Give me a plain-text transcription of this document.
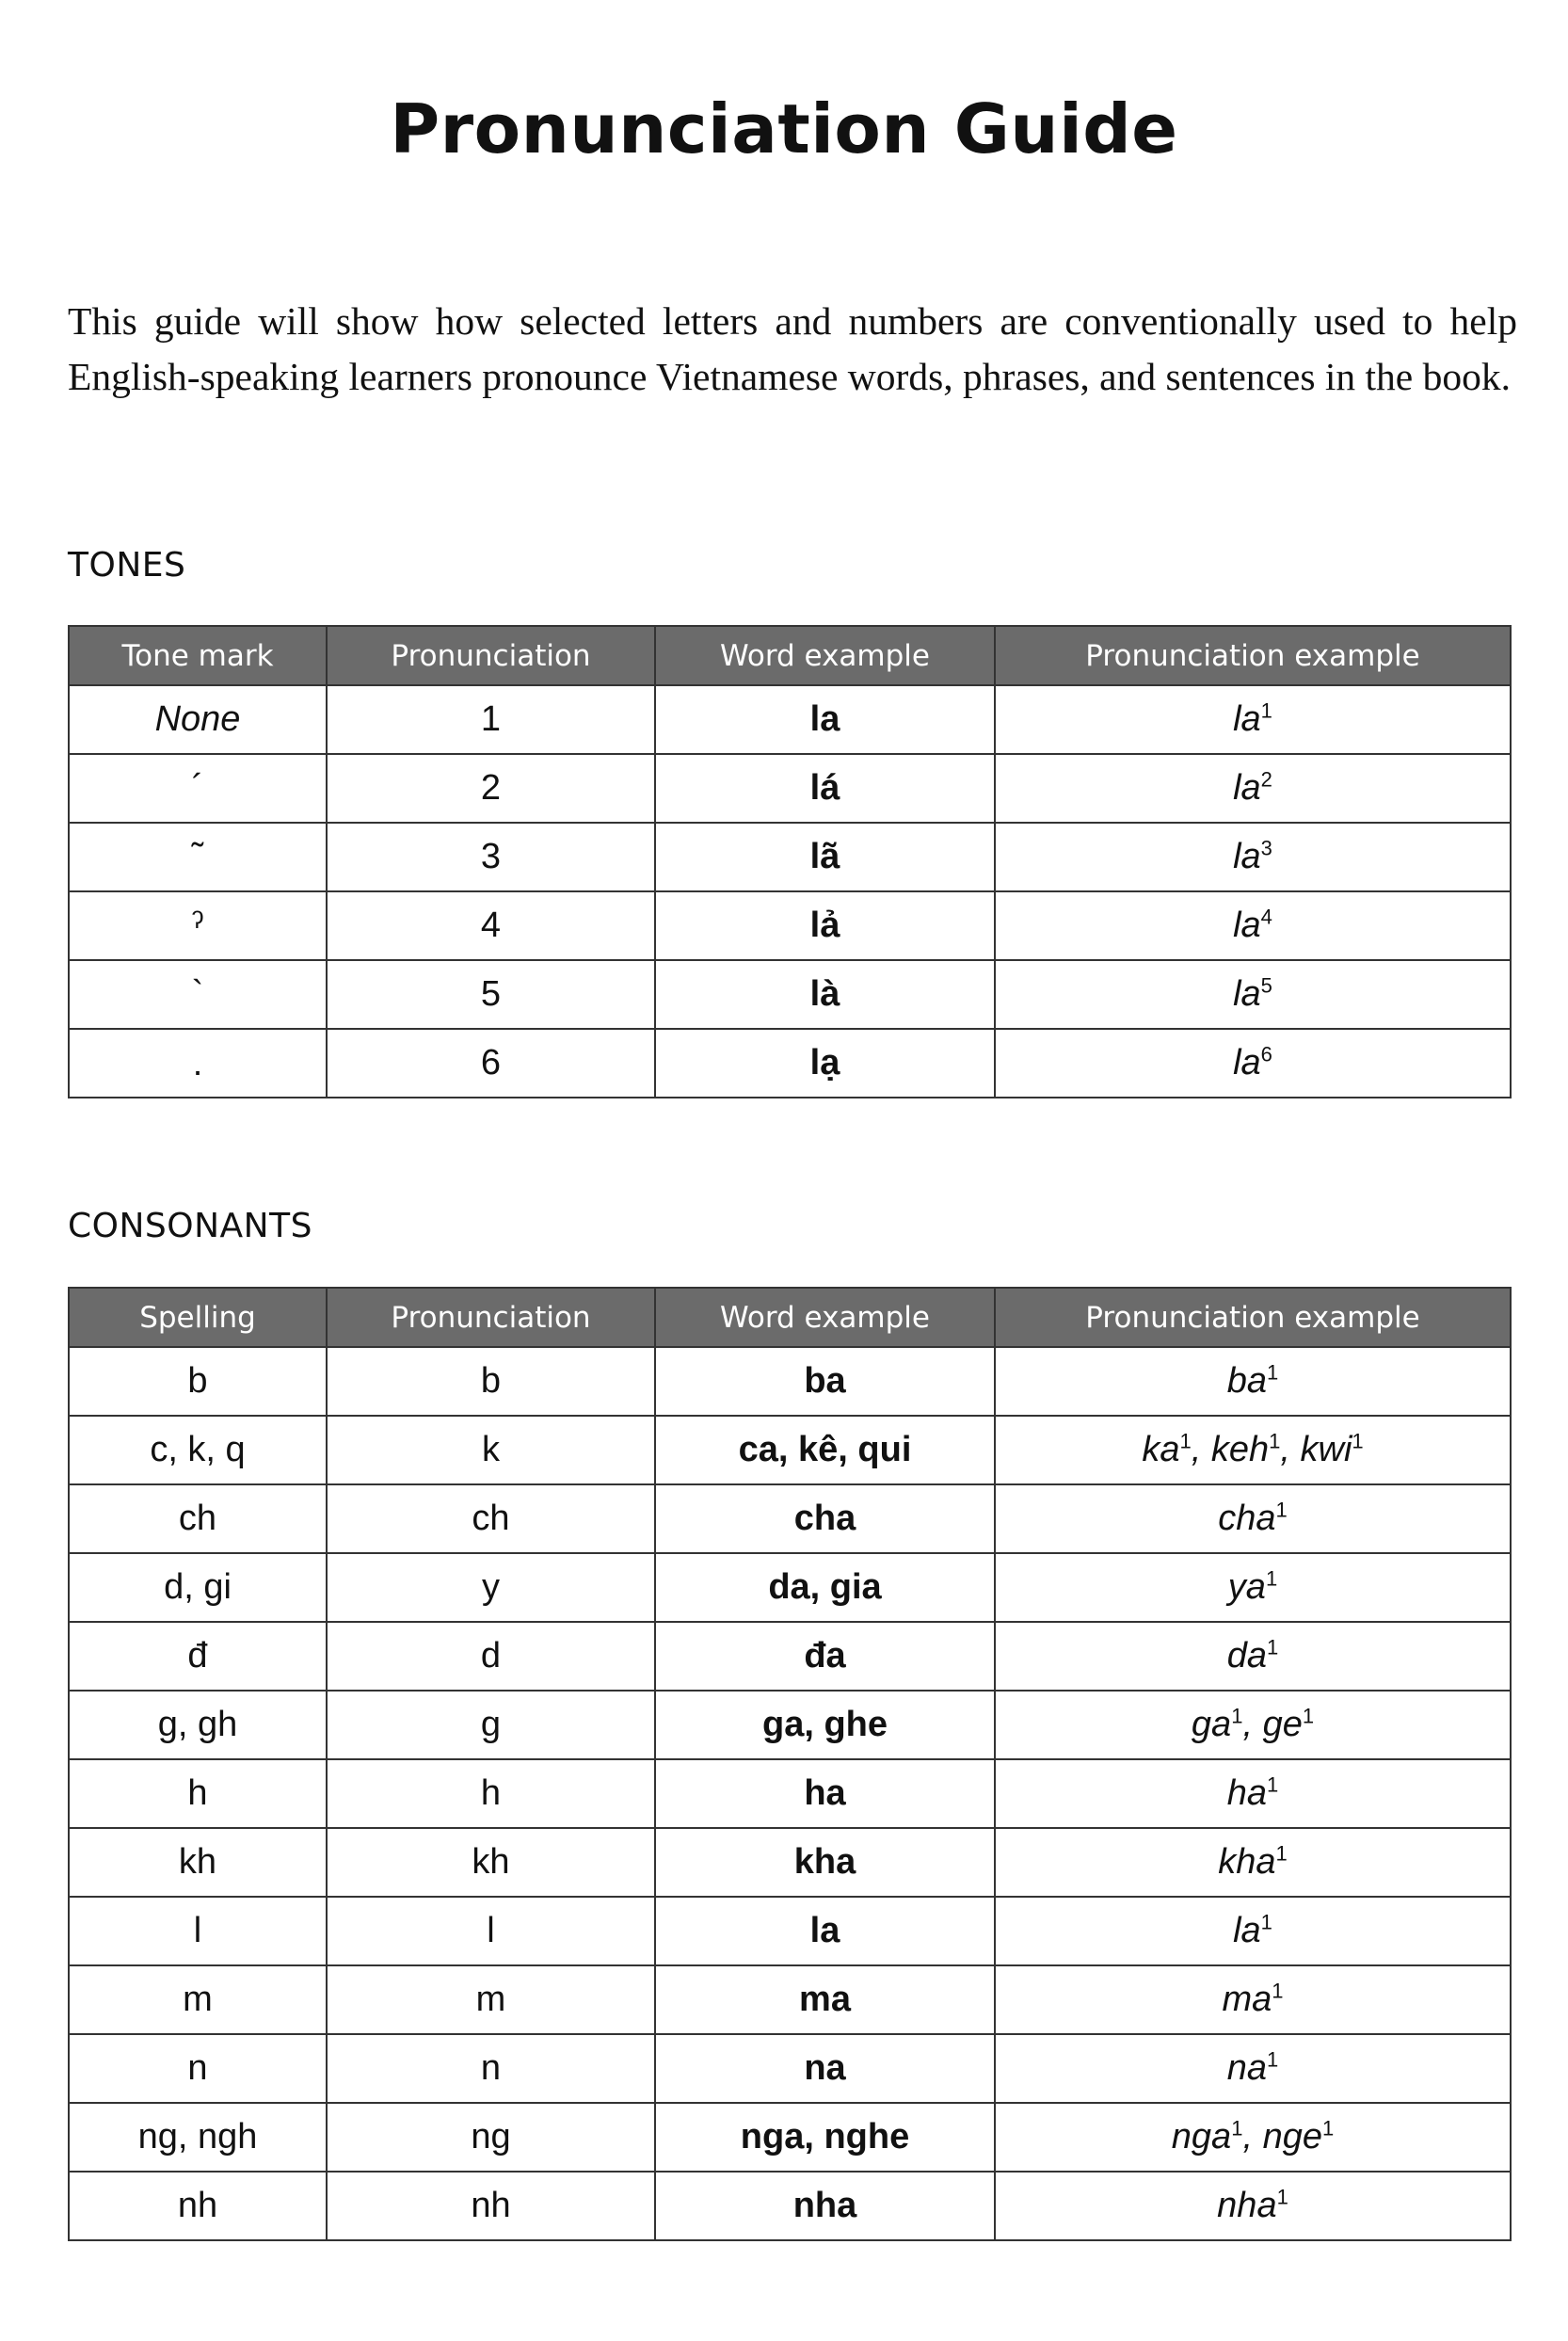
Pronunciation Guide

This guide will show how selected letters and numbers are conventionally used to help English-speaking learners pronounce Vietnamese words, phrases, and sentences in the book.

TONES
Tone mark	Pronunciation	Word example	Pronunciation example
None	1	la	$la^1$
´	2	lá	$la^2$
˜	3	lã	$la^3$
ˀ	4	lả	$la^4$
`	5	là	$la^5$
.	6	lạ	$la^6$
CONSONANTS
Spelling	Pronunciation	Word example	Pronunciation example
b	b	ba	$ba^1$
c, k, q	k	ca, kê, qui	$ka^1$, keh$^1$, kwi$^1$
ch	ch	cha	cha$^1$
d, gi	y	da, gia	$ya^1$
đ	d	đa	$da^1$
g, gh	g	ga, ghe	$ga^1$, $ge^1$
h	h	ha	$ha^1$
kh	kh	kha	kha$^1$
l	l	la	$la^1$
m	m	ma	$ma^1$
n	n	na	$na^1$
ng, ngh	ng	nga, nghe	nga$^1$, nge$^1$
nh	nh	nha	nha$^1$
